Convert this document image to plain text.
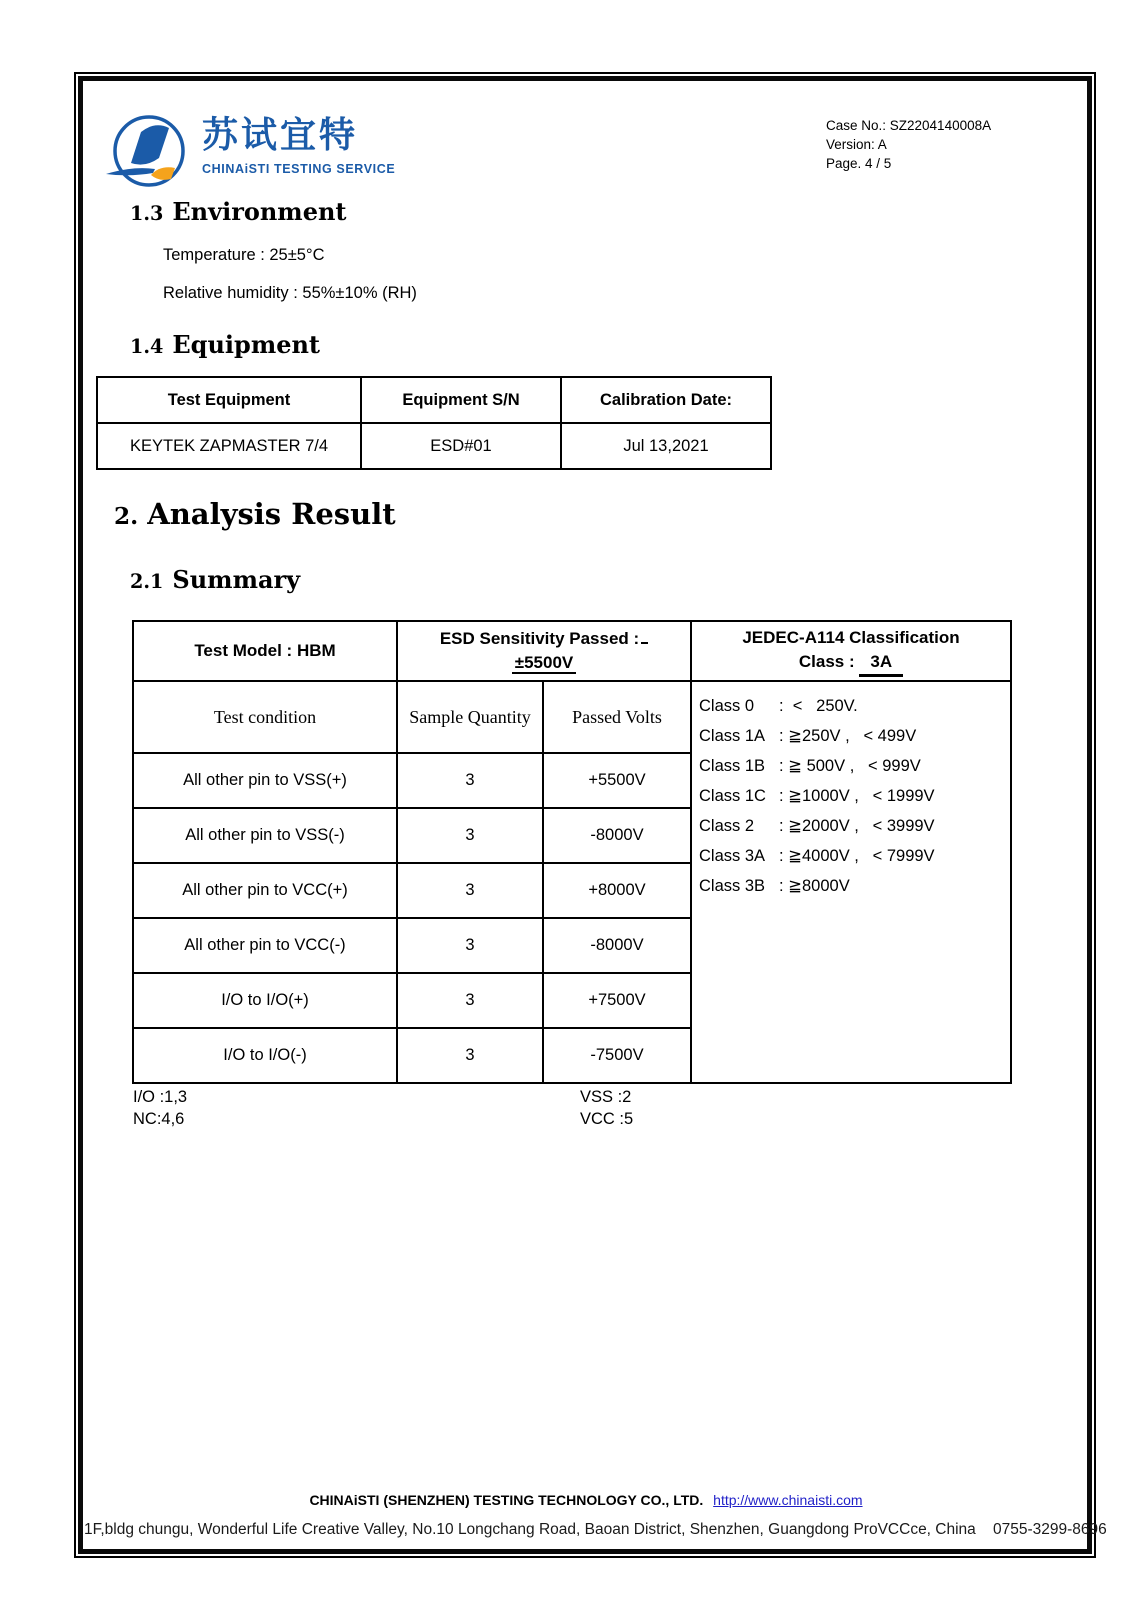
苏试宜特
CHINAiSTI TESTING SERVICE
Case No.: SZ2204140008A
Version: A
Page. 4 / 5
1.3 Environment
Temperature : 25±5°C
Relative humidity : 55%±10% (RH)
1.4 Equipment
Test Equipment	Equipment S/N	Calibration Date:
KEYTEK ZAPMASTER 7/4	ESD#01	Jul 13,2021
2. Analysis Result
2.1 Summary
Test Model : HBM	
ESD Sensitivity Passed :
±5500V

JEDEC-A114 Classification
Class : 3A

Test condition	Sample Quantity	Passed Volts	
Class 0	:  <   250V.
Class 1A : ≧250V ,   < 499V
Class 1B : ≧ 500V ,   < 999V
Class 1C : ≧1000V ,   < 1999V
Class 2	: ≧2000V ,   < 3999V
Class 3A : ≧4000V ,   < 7999V
Class 3B : ≧8000V

All other pin to VSS(+)	3	+5500V	
All other pin to VSS(-)	3	-8000V	
All other pin to VCC(+)	3	+8000V	
All other pin to VCC(-)	3	-8000V	
I/O to I/O(+)	3	+7500V	
I/O to I/O(-)	3	-7500V	
I/O :1,3
NC:4,6
VSS :2
VCC :5
CHINAiSTI (SHENZHEN) TESTING TECHNOLOGY CO., LTD. http://www.chinaisti.com
1F,bldg chungu, Wonderful Life Creative Valley, No.10 Longchang Road, Baoan District, Shenzhen, Guangdong ProVCCce, China    0755-3299-8696
